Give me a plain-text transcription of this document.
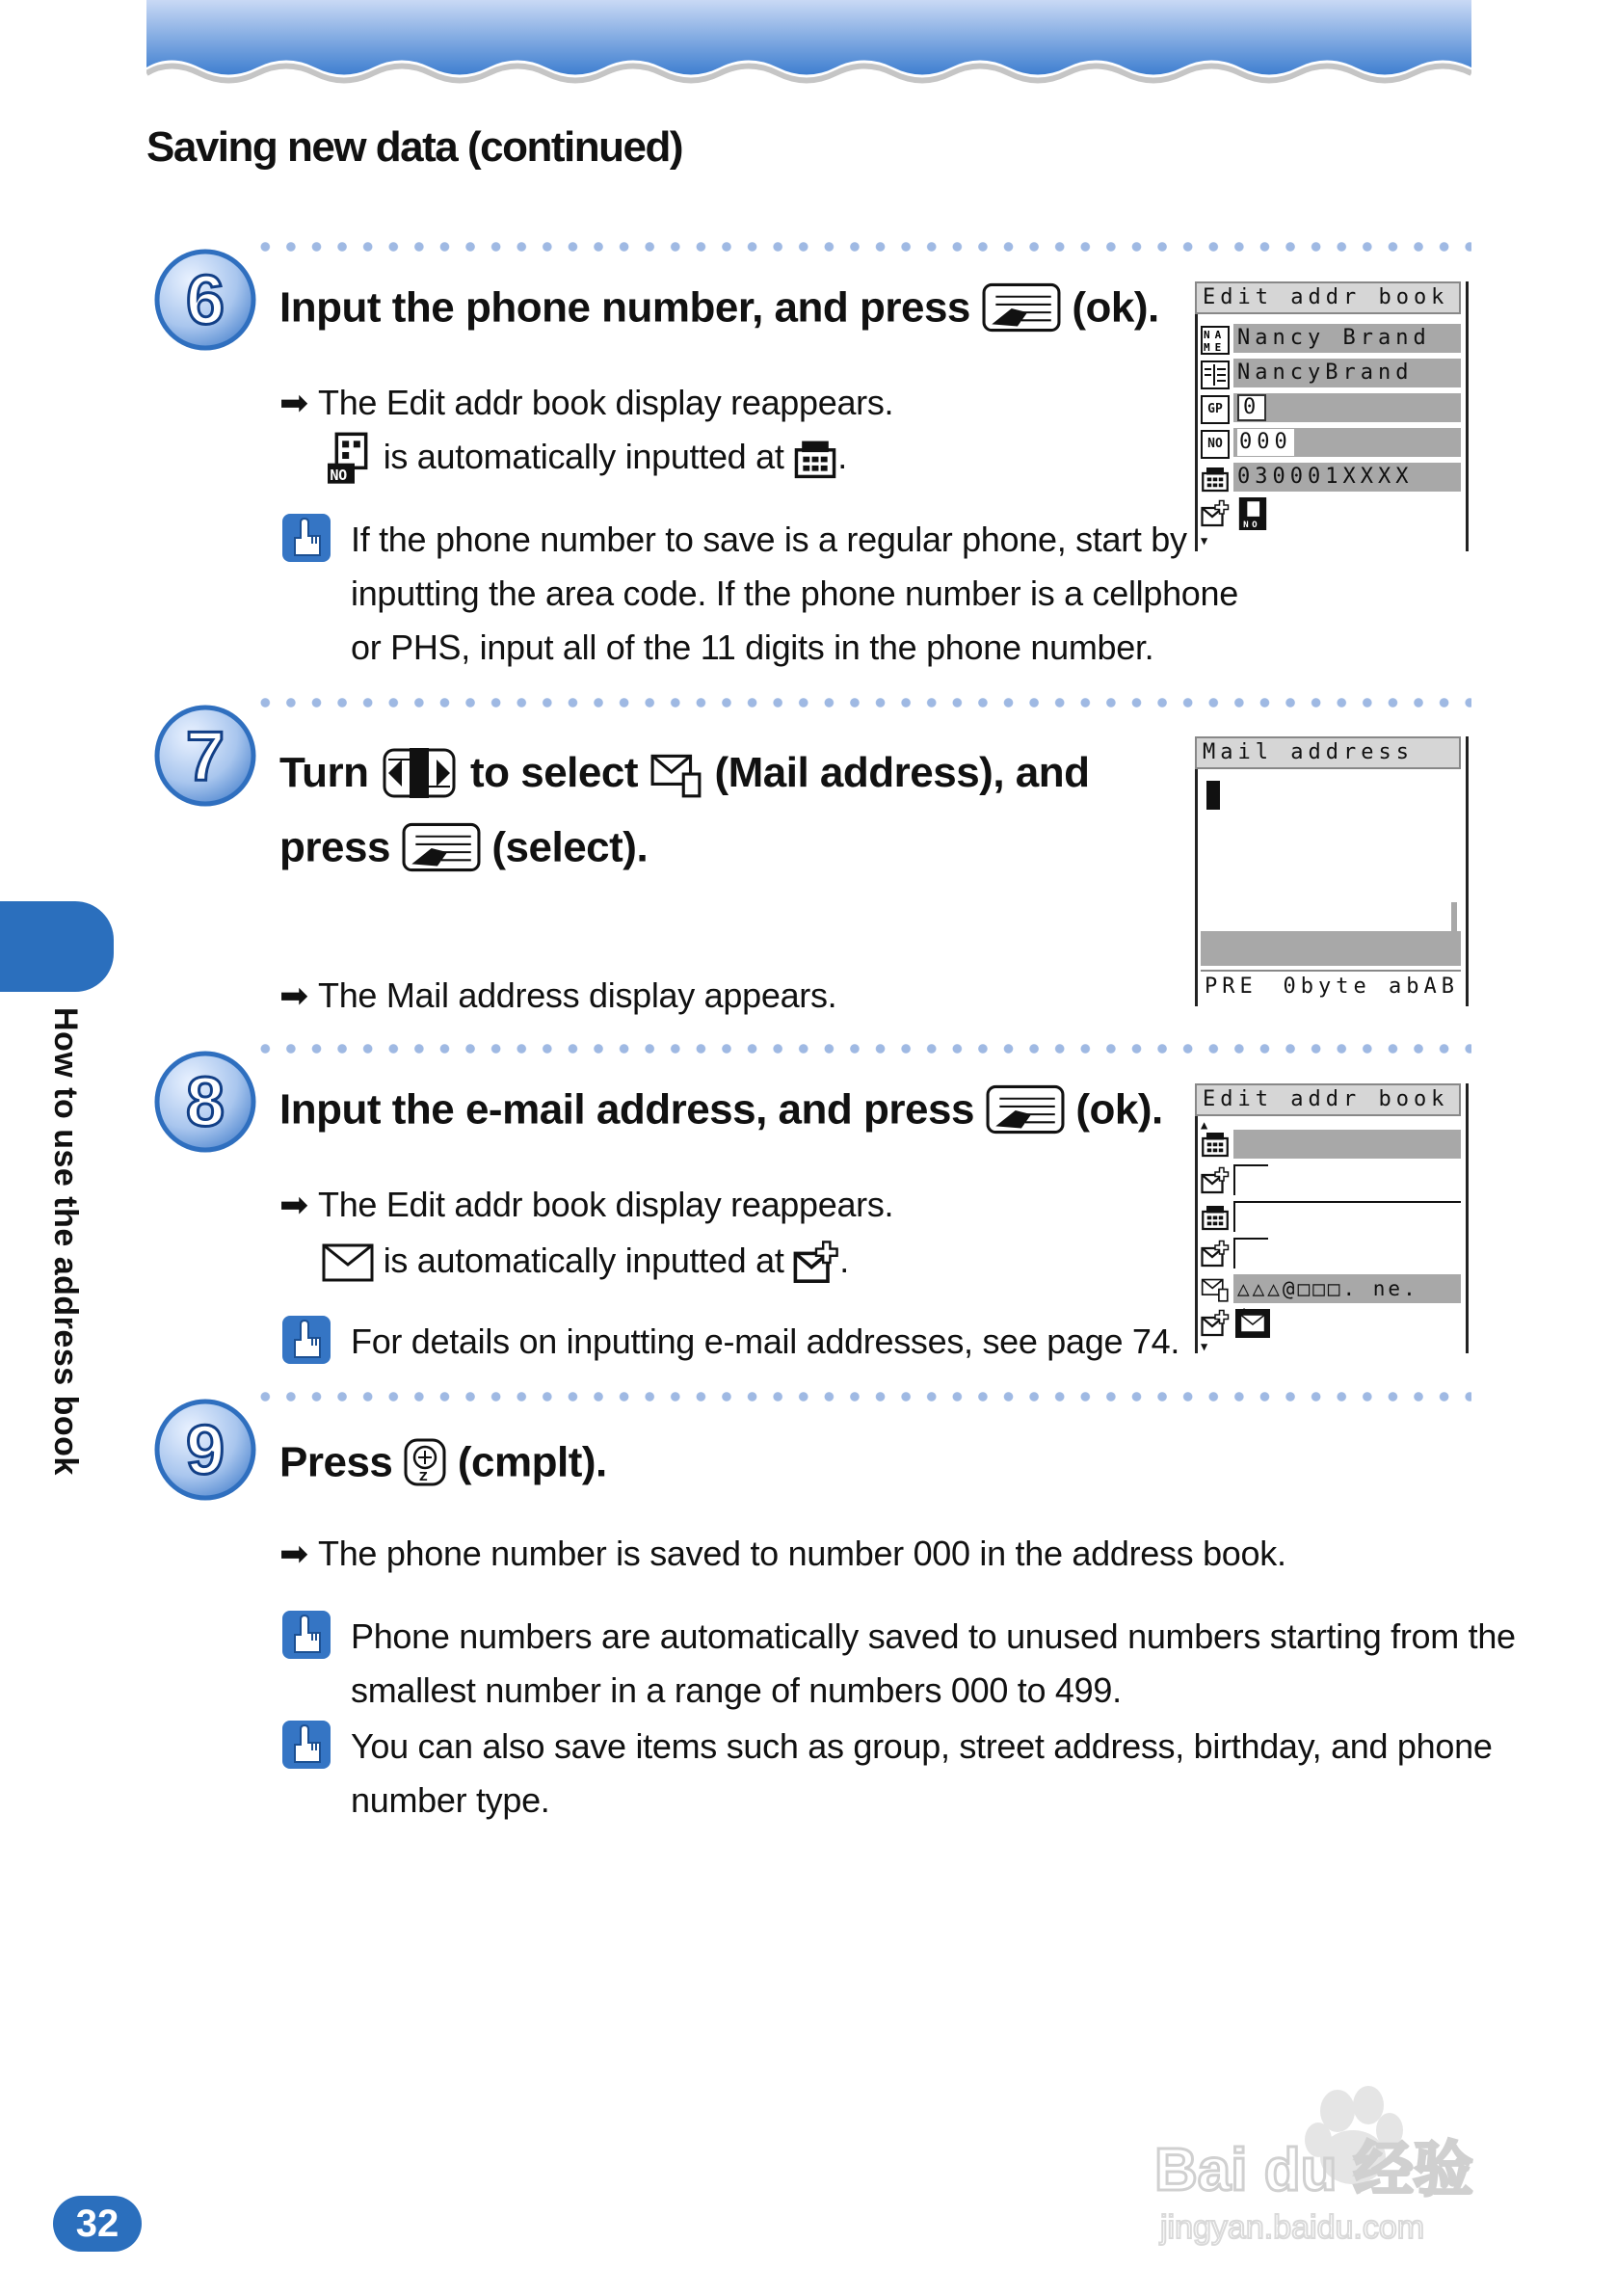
Saving new data (continued)
6 Input the phone number, and press (ok).
➡ The Edit addr book display reappears.
is automatically inputted at .
If the phone number to save is a regular phone, start by
inputting the area code. If the phone number is a cellphone
or PHS, input all of the 11 digits in the phone number.
Edit addr book
NA
ME Nancy Brand
NancyBrand
GP 0
NO 000
030001XXXX
NO
▼
7 Turn to select (Mail address), and
press (select).
➡ The Mail address display appears.
Mail address
PRE 0byte abAB
8 Input the e-mail address, and press (ok).
➡ The Edit addr book display reappears.
is automatically inputted at .
For details on inputting e-mail addresses, see page 74.
Edit addr book
▲
△△△@□□□. ne.
▼
9 Press (cmplt).
➡ The phone number is saved to number 000 in the address book.
Phone numbers are automatically saved to unused numbers starting from the
smallest number in a range of numbers 000 to 499.
You can also save items such as group, street address, birthday, and phone
number type.
How to use the address book
32
Bai du 经验
jingyan.baidu.com
